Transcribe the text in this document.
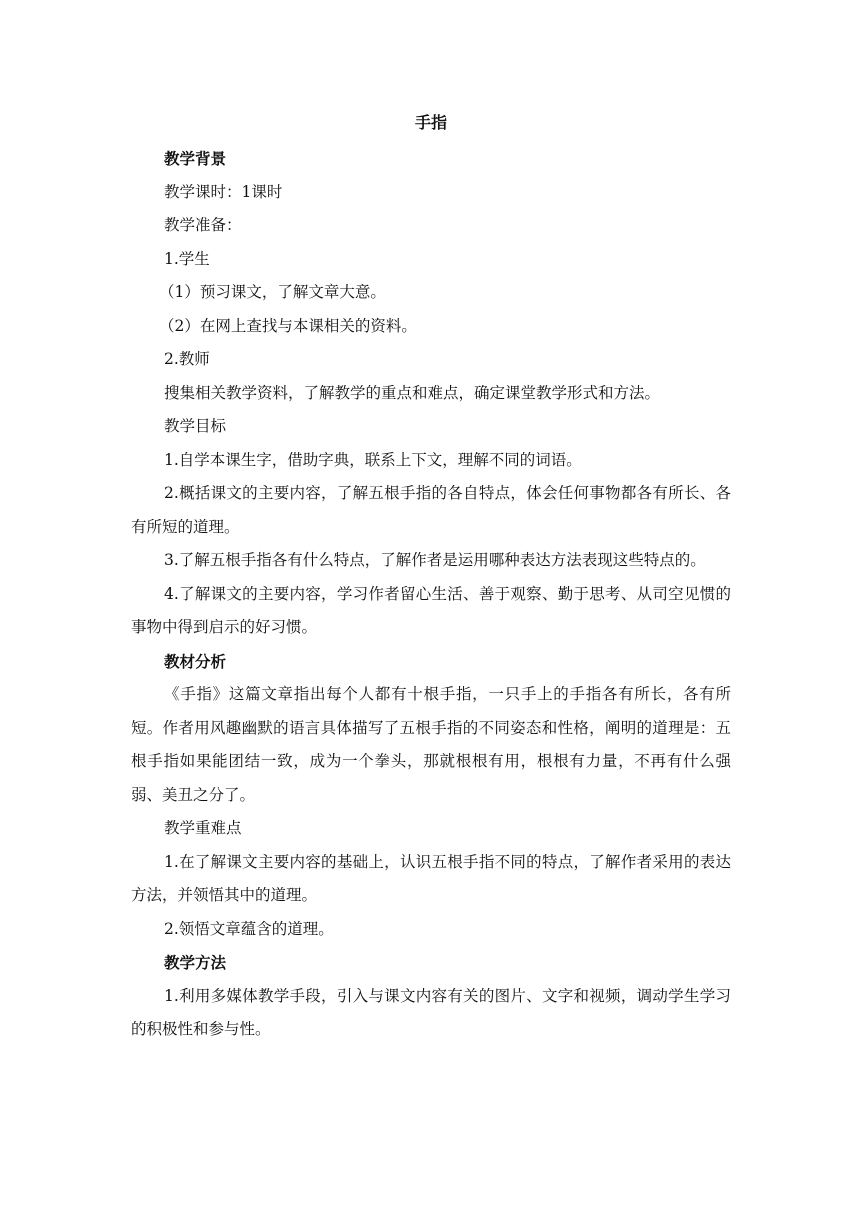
手指

教学背景

教学课时：1课时

教学准备：

1.学生

（1）预习课文，了解文章大意。

（2）在网上查找与本课相关的资料。

2.教师

搜集相关教学资料，了解教学的重点和难点，确定课堂教学形式和方法。

教学目标

1.自学本课生字，借助字典，联系上下文，理解不同的词语。

2.概括课文的主要内容，了解五根手指的各自特点，体会任何事物都各有所长、各有所短的道理。

3.了解五根手指各有什么特点，了解作者是运用哪种表达方法表现这些特点的。

4.了解课文的主要内容，学习作者留心生活、善于观察、勤于思考、从司空见惯的事物中得到启示的好习惯。

教材分析

《手指》这篇文章指出每个人都有十根手指，一只手上的手指各有所长，各有所短。作者用风趣幽默的语言具体描写了五根手指的不同姿态和性格，阐明的道理是：五根手指如果能团结一致，成为一个拳头，那就根根有用，根根有力量，不再有什么强弱、美丑之分了。

教学重难点

1.在了解课文主要内容的基础上，认识五根手指不同的特点，了解作者采用的表达方法，并领悟其中的道理。

2.领悟文章蕴含的道理。

教学方法

1.利用多媒体教学手段，引入与课文内容有关的图片、文字和视频，调动学生学习的积极性和参与性。
